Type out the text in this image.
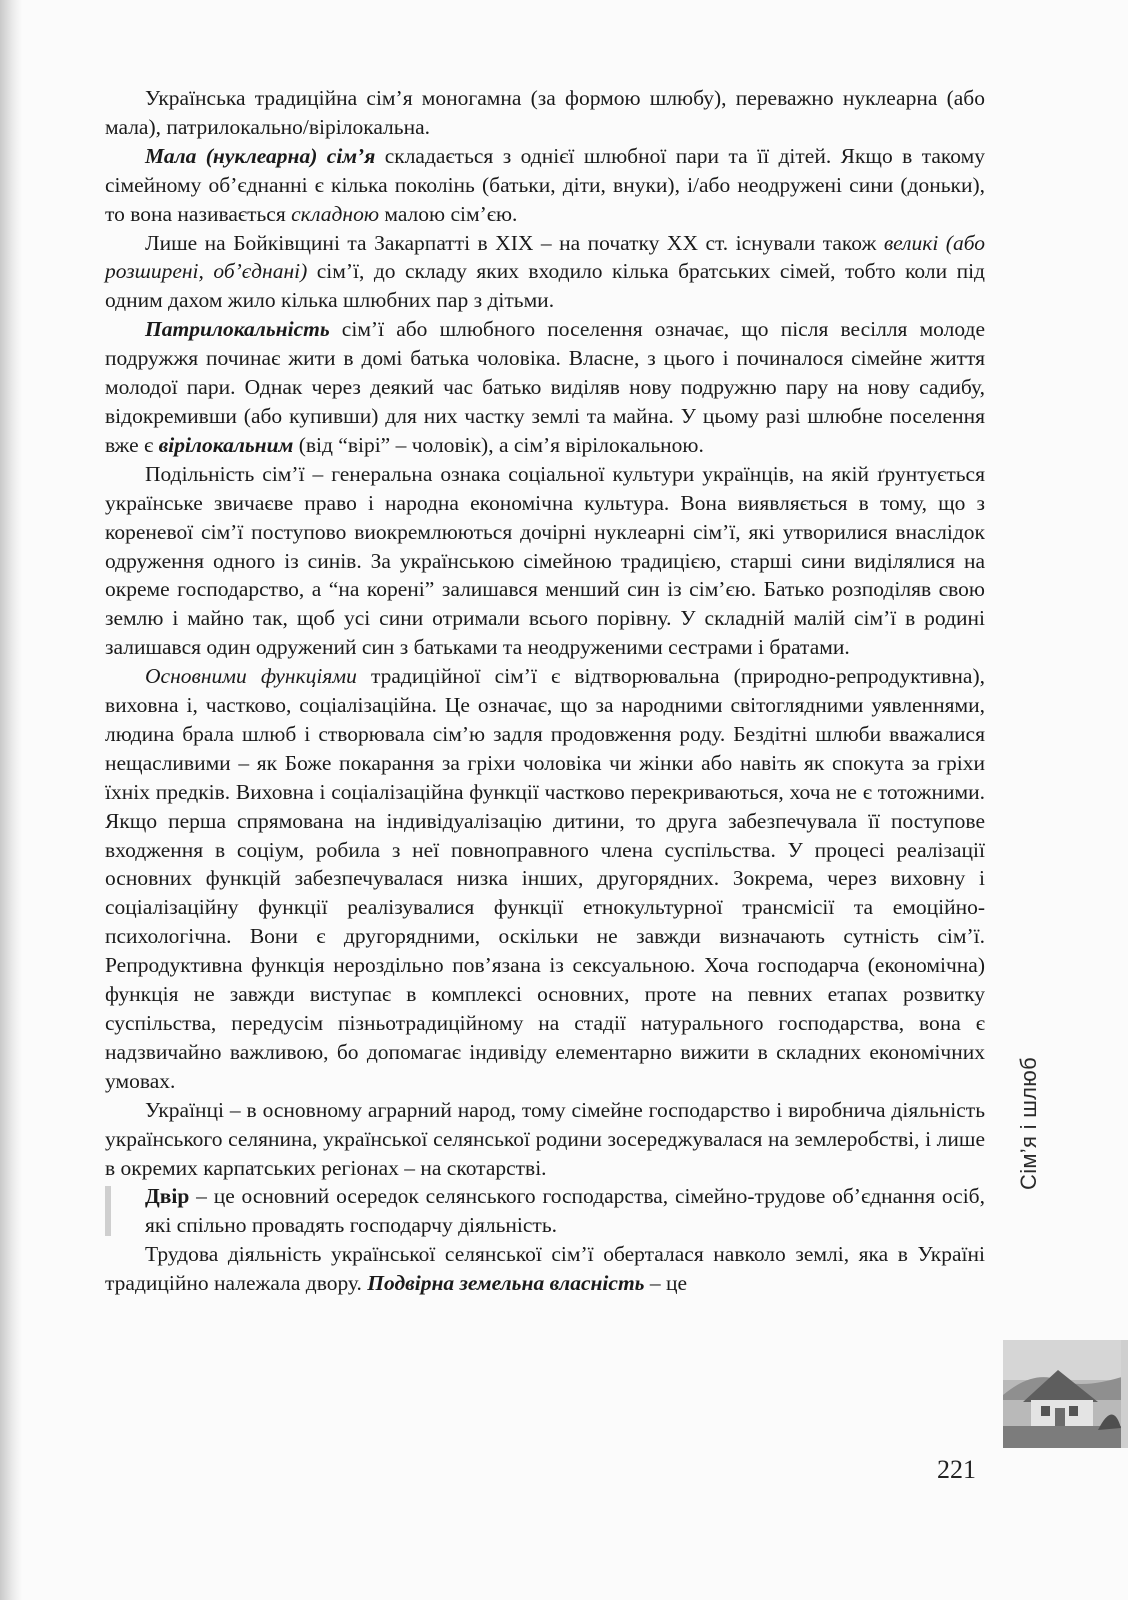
Українська традиційна сім’я моногамна (за формою шлюбу), переважно нуклеарна (або мала), патрилокально/вірілокальна.

Мала (нуклеарна) сім’я складається з однієї шлюбної пари та її дітей. Якщо в такому сімейному об’єднанні є кілька поколінь (батьки, діти, внуки), і/або неодружені сини (доньки), то вона називається складною малою сім’єю.

Лише на Бойківщині та Закарпатті в XIX – на початку XX ст. існували також великі (або розширені, об’єднані) сім’ї, до складу яких входило кілька братських сімей, тобто коли під одним дахом жило кілька шлюбних пар з дітьми.

Патрилокальність сім’ї або шлюбного поселення означає, що після весілля молоде подружжя починає жити в домі батька чоловіка. Власне, з цього і починалося сімейне життя молодої пари. Однак через деякий час батько виділяв нову подружню пару на нову садибу, відокремивши (або купивши) для них частку землі та майна. У цьому разі шлюбне поселення вже є вірілокальним (від “вірі” – чоловік), а сім’я вірілокальною.

Подільність сім’ї – генеральна ознака соціальної культури українців, на якій ґрунтується українське звичаєве право і народна економічна культура. Вона виявляється в тому, що з кореневої сім’ї поступово виокремлюються дочірні нуклеарні сім’ї, які утворилися внаслідок одруження одного із синів. За українською сімейною традицією, старші сини виділялися на окреме господарство, а “на корені” залишався менший син із сім’єю. Батько розподіляв свою землю і майно так, щоб усі сини отримали всього порівну. У складній малій сім’ї в родині залишався один одружений син з батьками та неодруженими сестрами і братами.

Основними функціями традиційної сім’ї є відтворювальна (природно-репродуктивна), виховна і, частково, соціалізаційна. Це означає, що за народними світоглядними уявленнями, людина брала шлюб і створювала сім’ю задля продовження роду. Бездітні шлюби вважалися нещасливими – як Боже покарання за гріхи чоловіка чи жінки або навіть як спокута за гріхи їхніх предків. Виховна і соціалізаційна функції частково перекриваються, хоча не є тотожними. Якщо перша спрямована на індивідуалізацію дитини, то друга забезпечувала її поступове входження в соціум, робила з неї повноправного члена суспільства. У процесі реалізації основних функцій забезпечувалася низка інших, другорядних. Зокрема, через виховну і соціалізаційну функції реалізувалися функції етнокультурної трансмісії та емоційно-психологічна. Вони є другорядними, оскільки не завжди визначають сутність сім’ї. Репродуктивна функція нероздільно пов’язана із сексуальною. Хоча господарча (економічна) функція не завжди виступає в комплексі основних, проте на певних етапах розвитку суспільства, передусім пізньотрадиційному на стадії натурального господарства, вона є надзвичайно важливою, бо допомагає індивіду елементарно вижити в складних економічних умовах.

Українці – в основному аграрний народ, тому сімейне господарство і виробнича діяльність українського селянина, української селянської родини зосереджувалася на землеробстві, і лише в окремих карпатських регіонах – на скотарстві.

Двір – це основний осередок селянського господарства, сімейно-трудове об’єднання осіб, які спільно провадять господарчу діяльність.

Трудова діяльність української селянської сім’ї оберталася навколо землі, яка в Україні традиційно належала двору. Подвірна земельна власність – це

Сім’я і шлюб
221
